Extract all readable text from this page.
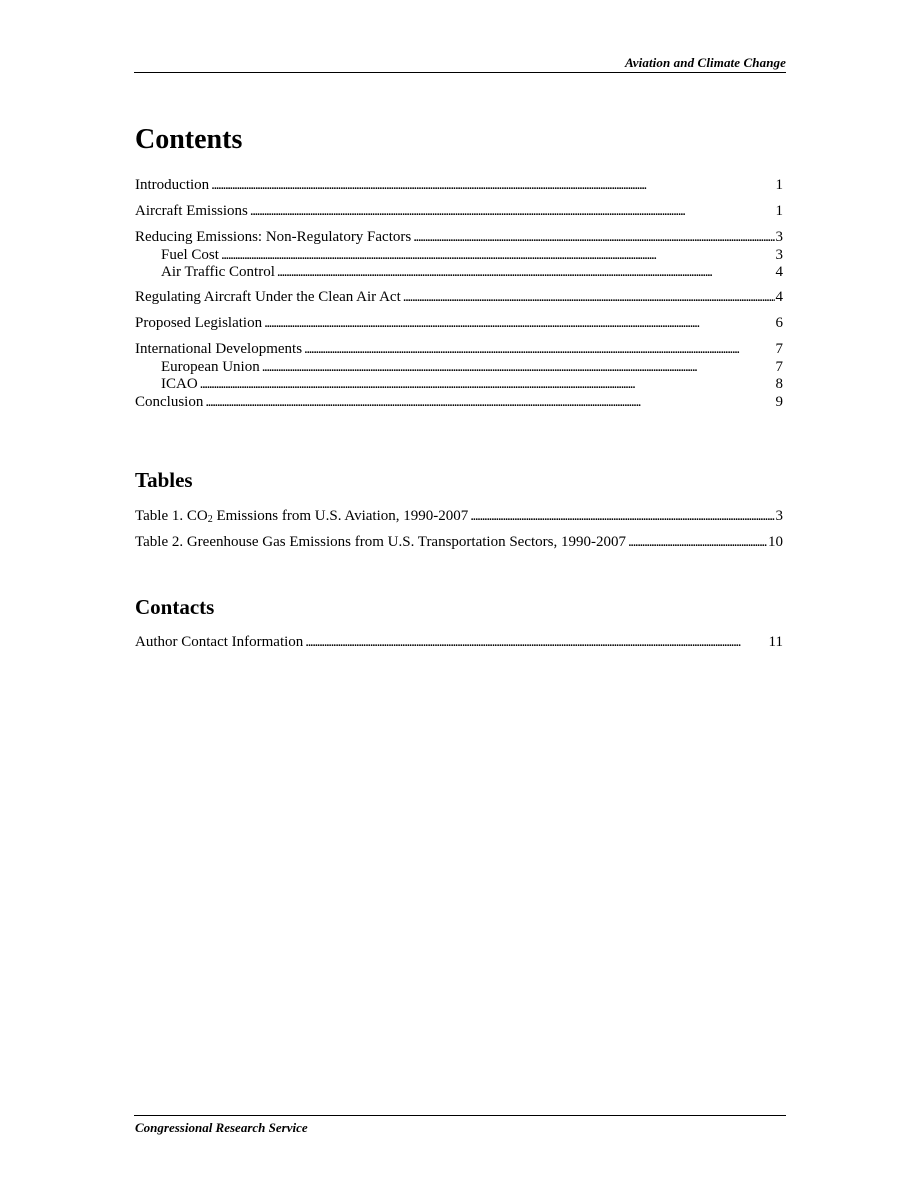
Aviation and Climate Change
Contents
Introduction . . .	1
Aircraft Emissions . . .	1
Reducing Emissions: Non-Regulatory Factors . . .	3
Fuel Cost . . .	3
Air Traffic Control . . .	4
Regulating Aircraft Under the Clean Air Act . . .	4
Proposed Legislation . . .	6
International Developments . . .	7
European Union . . .	7
ICAO . . .	8
Conclusion . . .	9
Tables
Table 1. $CO_2$ Emissions from U.S. Aviation, 1990-2007 . . .	3
Table 2. Greenhouse Gas Emissions from U.S. Transportation Sectors, 1990-2007 . . .	10
Contacts
Author Contact Information . . .	11
Congressional Research Service
